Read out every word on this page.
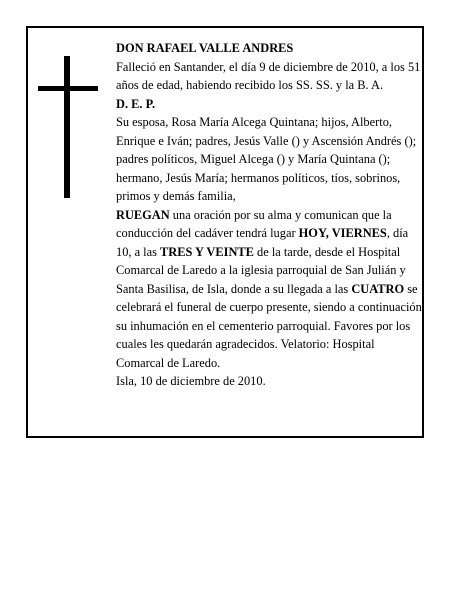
DON RAFAEL VALLE ANDRES

Falleció en Santander, el día 9 de diciembre de 2010, a los 51 años de edad, habiendo recibido los SS. SS. y la B. A.

D. E. P.

Su esposa, Rosa María Alcega Quintana; hijos, Alberto, Enrique e Iván; padres, Jesús Valle () y Ascensión Andrés (); padres políticos, Miguel Alcega () y María Quintana (); hermano, Jesús María; hermanos políticos, tíos, sobrinos, primos y demás familia,

RUEGAN una oración por su alma y comunican que la conducción del cadáver tendrá lugar HOY, VIERNES, día 10, a las TRES Y VEINTE de la tarde, desde el Hospital Comarcal de Laredo a la iglesia parroquial de San Julián y Santa Basilisa, de Isla, donde a su llegada a las CUATRO se celebrará el funeral de cuerpo presente, siendo a continuación su inhumación en el cementerio parroquial. Favores por los cuales les quedarán agradecidos. Velatorio: Hospital Comarcal de Laredo.

Isla, 10 de diciembre de 2010.
